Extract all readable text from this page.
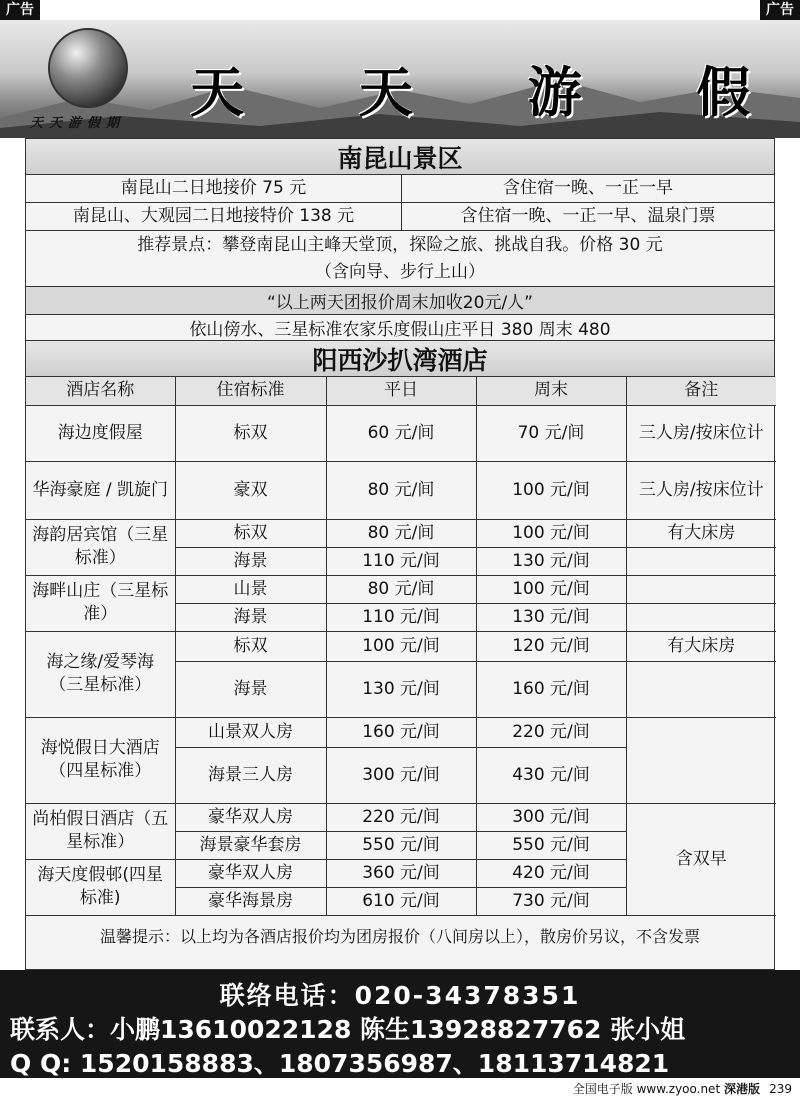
广告	广告
天天游假期 天 天 游 假
南昆山景区
南昆山二日地接价 75 元	含住宿一晚、一正一早
南昆山、大观园二日地接特价 138 元	含住宿一晚、一正一早、温泉门票
推荐景点：攀登南昆山主峰天堂顶，探险之旅、挑战自我。价格 30 元
（含向导、步行上山）
“以上两天团报价周末加收20元/人”
依山傍水、三星标准农家乐度假山庄平日 380 周末 480
阳西沙扒湾酒店
酒店名称	住宿标准	平日	周末	备注
海边度假屋	标双	60 元/间	70 元/间	三人房/按床位计
华海豪庭 / 凯旋门	豪双	80 元/间	100 元/间	三人房/按床位计
海韵居宾馆（三星标准）	标双	80 元/间	100 元/间	有大床房
	海景	110 元/间	130 元/间	
海畔山庄（三星标准）	山景	80 元/间	100 元/间	
	海景	110 元/间	130 元/间	
海之缘/爱琴海（三星标准）	标双	100 元/间	120 元/间	有大床房
	海景	130 元/间	160 元/间	
海悦假日大酒店（四星标准）	山景双人房	160 元/间	220 元/间	
	海景三人房	300 元/间	430 元/间	
尚柏假日酒店（五星标准）	豪华双人房	220 元/间	300 元/间	含双早
	海景豪华套房	550 元/间	550 元/间	
海天度假邨(四星标准)	豪华双人房	360 元/间	420 元/间	
	豪华海景房	610 元/间	730 元/间	
温馨提示：以上均为各酒店报价均为团房报价（八间房以上），散房价另议，不含发票
联络电话：020-34378351
联系人：小鹏13610022128 陈生13928827762 张小姐
Q Q: 1520158883、1807356987、18113714821
全国电子版 www.zyoo.net 深港版 239
